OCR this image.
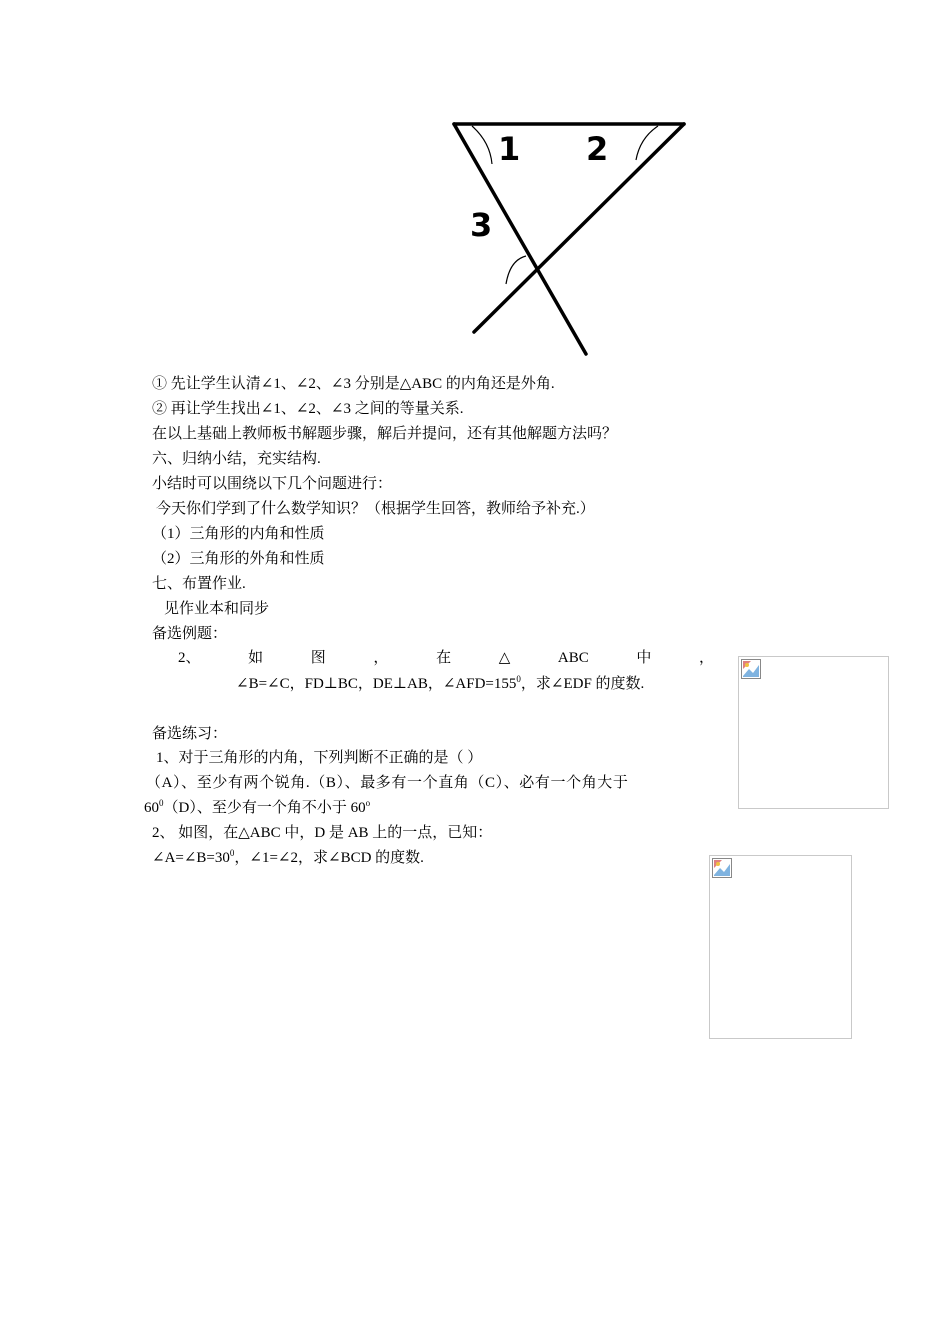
1 2
3
① 先让学生认清∠1、∠2、∠3 分别是△ABC 的内角还是外角.
② 再让学生找出∠1、∠2、∠3 之间的等量关系.
在以上基础上教师板书解题步骤，解后并提问，还有其他解题方法吗？
六、归纳小结，充实结构.
小结时可以围绕以下几个问题进行：
今天你们学到了什么数学知识？（根据学生回答，教师给予补充.）
（1）三角形的内角和性质
（2）三角形的外角和性质
七、布置作业.
见作业本和同步
备选例题：
2、	如	图	，	在	△	ABC	中	，
∠B=∠C，FD⊥BC，DE⊥AB，$\angle AFD=155^0$，求∠EDF 的度数.
备选练习：
1、对于三角形的内角，下列判断不正确的是（ ）
（A）、至少有两个锐角.（B）、最多有一个直角（C）、必有一个角大于
$60^0(D)$、至少有一个角不小于 60$^o$
2、 如图，在△ABC 中，D 是 AB 上的一点，已知：
$\angle A=\angle B=30^0$，∠1=∠2，求∠BCD 的度数.
